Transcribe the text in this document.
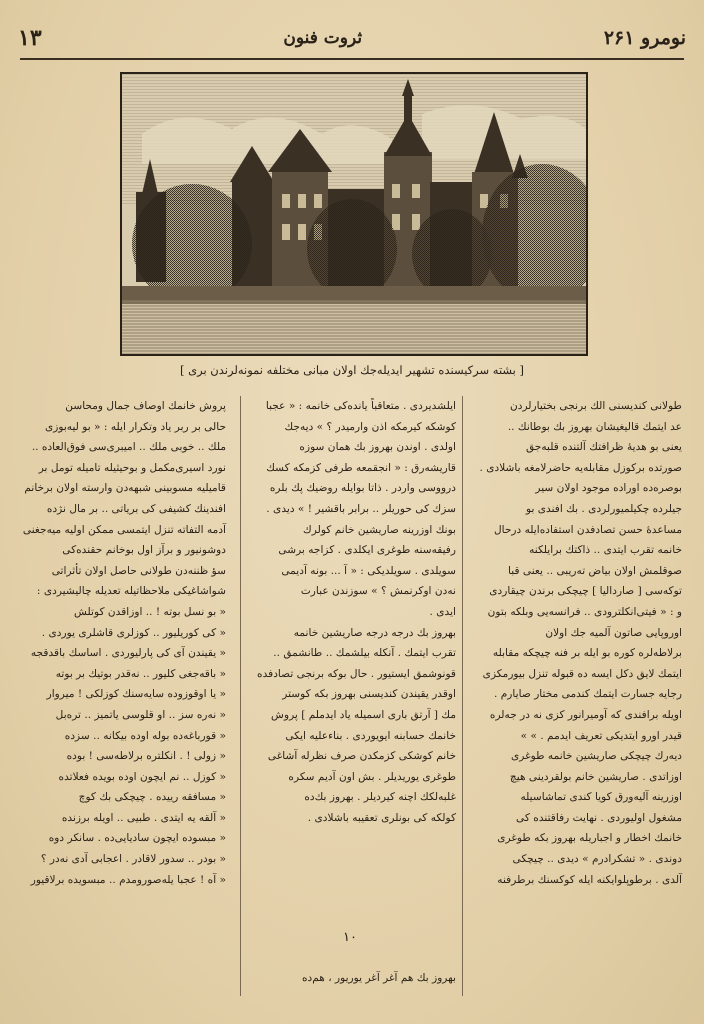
نومرو ۲۶۱
ثروت فنون
۱۳
[ بشته سرکیسنده تشهیر ایدیله‌جك اولان مبانی مختلفه نمونه‌لرندن بری ]

طولانی کندیسنی الك برنجی بختیارلردن

عد ایتمك قالیغیشان بهروز بك بوطانك ..

یعنی بو هدیه‌ٔ ظرافتك آلتنده قلبه‌جق

صورتده برکوزل مقابله‌یه حاضرلامغه باشلادی .

بوصره‌ده اوراده موجود اولان سیر

جیلرده چکیلمیورلردی . بك افندی بو

مساعدهٔ حسن تصادفدن استفاده‌ایله درحال

خانمه تقرب ایتدی .. ذاکتك برایلکنه

صوقلمش اولان بیاض ته‌ریبی .. یعنی قبا

توکه‌سی [ صارداليا ] چیچکی برندن چیقاردی

و : « فیتی‌انکلترودی .. فرانسه‌یی وبلکه بتون

اوروپایی صاتون آلمیه جك اولان

برلاطه‌لره کوره بو ایله بر فنه چیچکه مقابله

ایتمك لایق دکل ایسه ده قبوله تنزل بیورمکزی

رجایه جسارت ایتمك کندمی مختار صایارم .

اویله برافندی که آومیرانور کزی نه در جه‌لره

قیدر اورو ایتدیکی تعریف ایدمم . » »

دیه‌رك چیچکی صاریشین خانمه طوغری

اوزاتدی . صاریشین خانم بولقردینی هیچ

اوزرینه آلیه‌ورق کویا کندی تماشاسیله

مشغول اولیوردی . نهایت رفاقتنده کی

خانمك اخطار و اجباریله بهروز بکه طوغری

دوندی . « تشکرادرم » دیدی .. چیچکی

آلدی . برطوپلوایکنه ایله کوکسنك برطرفنه

ایلشدیردی . متعاقباً یانده‌کی خانمه : « عجبا

کوشکه کیرمکه اذن وارمیدر ؟ » دیه‌جك

اولدی . اوندن بهروز بك همان سوزه

قاریشه‌رق : « انجقمعه طرفی کزمکه کسك

درووسی واردر . ذاتا بوایله روضیك پك بلره

سزك كی حوریلر .. برابر باقشیر ! » دیدی .

بونك اوزرینه صاریشین خانم کولرك

رفیقه‌سنه طوغری ایکلدی . کزاجه برشی

سویلدی . سویلدیکی : « آ ... بونه آدیمی

نه‌دن اوکرنمش ؟ » سوزندن عبارت

ایدی .

بهروز بك درجه درجه صاریشین خانمه

تقرب ایتمك . آنکله بیلشمك .. طانشمق ..

قونوشمق ایستیور . حال بوکه برنجی تصادفده

اوقدر یقیندن کندیسنی بهروز بکه کوستر

مك [ آرتق باری اسمیله یاد ایدملم ] پروش

خانمك حسابنه ایویوردی . بناءعلیه ایکی

خانم کوشکی کزمکدن صرف نظرله آشاغی

طوغری یوریدیلر . بش اون آدیم سکره

غلبه‌لکك اچنه کیردیلر . بهروز بك‌ده

کولکه کی بونلری تعقیبه باشلادی .

۱۰
بهروز بك هم آغر آغر یوریور ، هم‌ده

پروش خانمك اوصاف جمال ومحاسن

حالی بر ربر یاد وتکرار ایله : « بو لیه‌بوزی

ملك .. خوبی ملك .. امیبری‌سی فوق‌العاده ..

نورد اسیری‌مکمل و بوحیثیله تامیله تومل بر

قامیلیه مسوبینی شبهه‌دن وارسته اولان برخانم

افندینك کشیفی کی بریاتی .. بر مال نژده

آدمه التفاته تنزل ایتمسی ممکن اولیه میه‌جغنی

دوشونیور و برآز اول بوخانم حقنده‌کی

سؤ ظننه‌دن طولانی حاصل اولان تأثراتی

شواشاغیکی ملاحظاتیله تعدیله چالیشیردی :

« بو نسل بوته ! .. اوزاقدن کوتلش

« کی کوریلیور .. کوزلری قاشلری یوردی .

« یقیندن آی کی پارلیوردی . اساسك باقدقجه

« باقه‌جغی کلیور .. نه‌قدر بوتیك بر بوته

« یا اوقوزوده سایه‌سنك کوزلکی ! میروار

« نه‌ره سز .. او قلوسی یاتمیز .. تره‌بل

« قورباغه‌ده بوله اوده بیکانه .. سزده

« زولی ! . انکلتره برلاطه‌سی ! بوده

« کوزل .. نم ایچون اوده بویده فعلاتده

« مسافقه رییده . چیچکی بك کوچ

« آلقه یه ایتدی . طبیی .. اویله برزنده

« مبسوده ایچون سادیایی‌ده . سانکر دوه

« بودر .. سدور لاقادر . اعجابی آدی نه‌در ؟

« آه ! عجبا یله‌صورومدم .. مبسویده برلاقیور
